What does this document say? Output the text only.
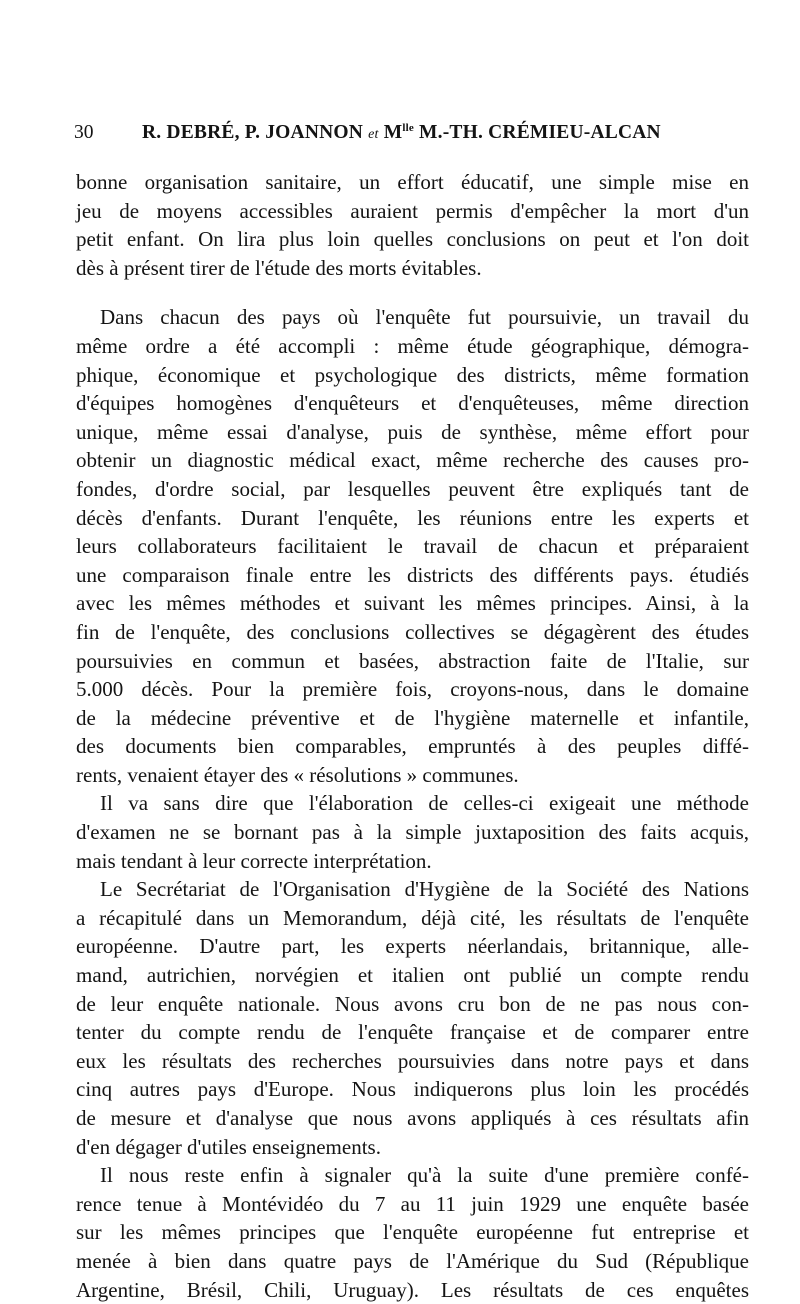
30 R. DEBRÉ, P. JOANNON et $M^{lle}$ M.-TH. CRÉMIEU-ALCAN

bonne organisation sanitaire, un effort éducatif, une simple mise en
jeu de moyens accessibles auraient permis d'empêcher la mort d'un
petit enfant. On lira plus loin quelles conclusions on peut et l'on doit
dès à présent tirer de l'étude des morts évitables.

Dans chacun des pays où l'enquête fut poursuivie, un travail du
même ordre a été accompli : même étude géographique, démogra-
phique, économique et psychologique des districts, même formation
d'équipes homogènes d'enquêteurs et d'enquêteuses, même direction
unique, même essai d'analyse, puis de synthèse, même effort pour
obtenir un diagnostic médical exact, même recherche des causes pro-
fondes, d'ordre social, par lesquelles peuvent être expliqués tant de
décès d'enfants. Durant l'enquête, les réunions entre les experts et
leurs collaborateurs facilitaient le travail de chacun et préparaient
une comparaison finale entre les districts des différents pays. étudiés
avec les mêmes méthodes et suivant les mêmes principes. Ainsi, à la
fin de l'enquête, des conclusions collectives se dégagèrent des études
poursuivies en commun et basées, abstraction faite de l'Italie, sur
5.000 décès. Pour la première fois, croyons-nous, dans le domaine
de la médecine préventive et de l'hygiène maternelle et infantile,
des documents bien comparables, empruntés à des peuples diffé-
rents, venaient étayer des « résolutions » communes.

Il va sans dire que l'élaboration de celles-ci exigeait une méthode
d'examen ne se bornant pas à la simple juxtaposition des faits acquis,
mais tendant à leur correcte interprétation.

Le Secrétariat de l'Organisation d'Hygiène de la Société des Nations
a récapitulé dans un Memorandum, déjà cité, les résultats de l'enquête
européenne. D'autre part, les experts néerlandais, britannique, alle-
mand, autrichien, norvégien et italien ont publié un compte rendu
de leur enquête nationale. Nous avons cru bon de ne pas nous con-
tenter du compte rendu de l'enquête française et de comparer entre
eux les résultats des recherches poursuivies dans notre pays et dans
cinq autres pays d'Europe. Nous indiquerons plus loin les procédés
de mesure et d'analyse que nous avons appliqués à ces résultats afin
d'en dégager d'utiles enseignements.

Il nous reste enfin à signaler qu'à la suite d'une première confé-
rence tenue à Montévidéo du 7 au 11 juin 1929 une enquête basée
sur les mêmes principes que l'enquête européenne fut entreprise et
menée à bien dans quatre pays de l'Amérique du Sud (République
Argentine, Brésil, Chili, Uruguay). Les résultats de ces enquêtes
